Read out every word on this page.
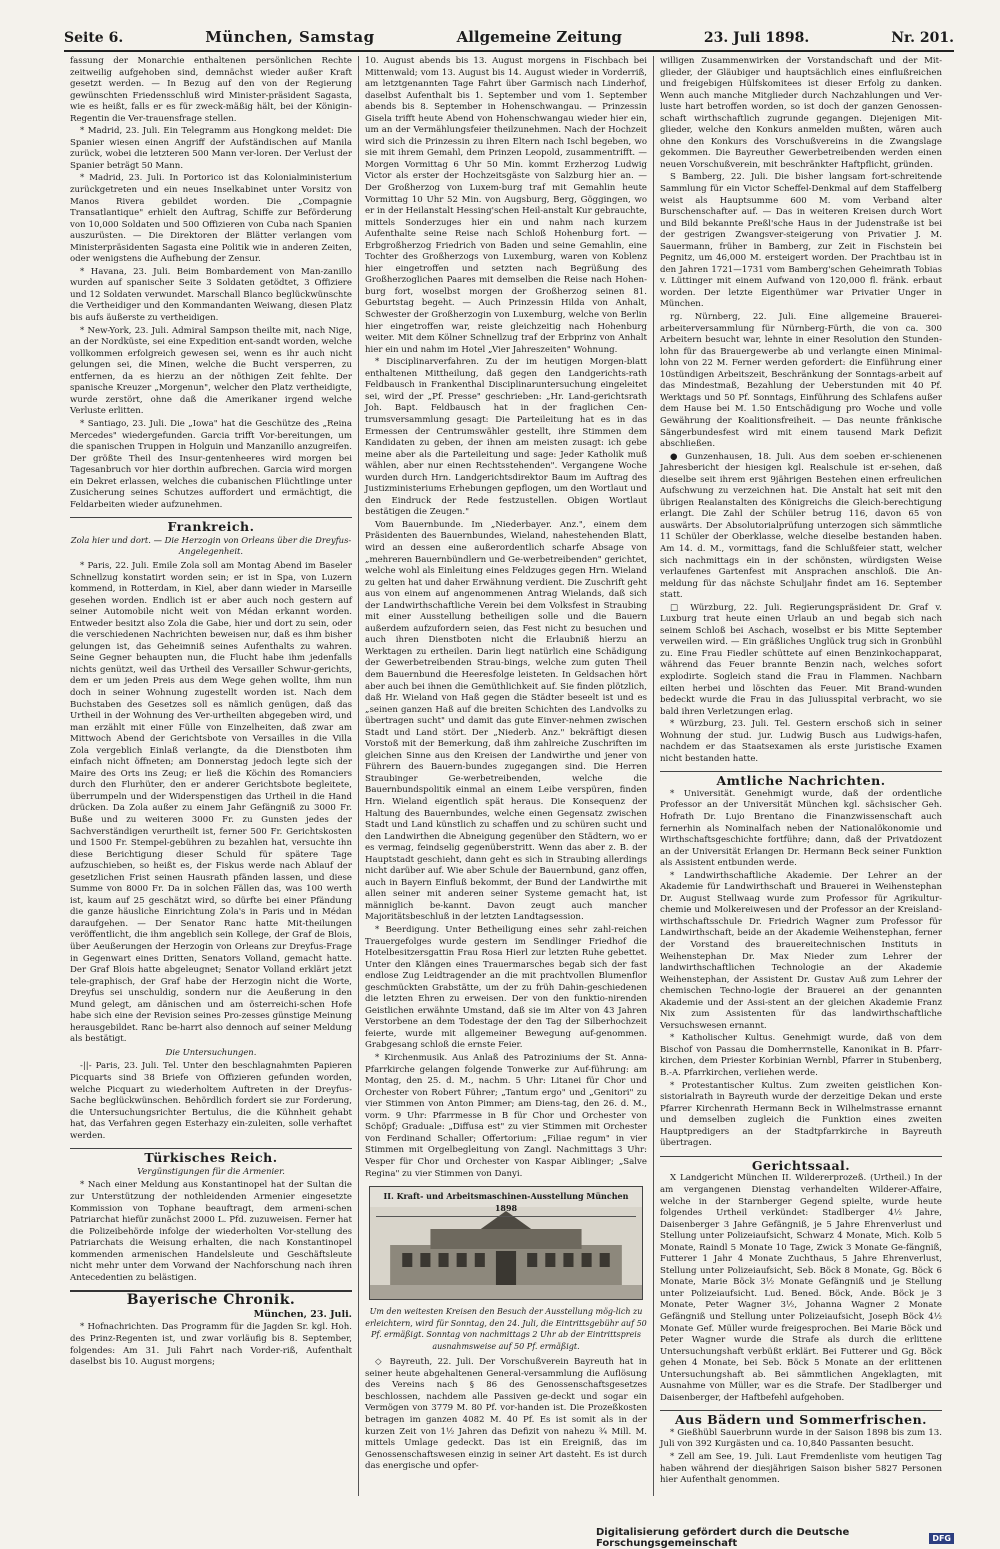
Seite 6.	München, Samstag	Allgemeine Zeitung	23. Juli 1898.	Nr. 201.

fassung der Monarchie enthaltenen persönlichen Rechte zeitweilig aufgehoben sind, demnächst wieder außer Kraft gesetzt werden. — In Bezug auf den von der Regierung gewünschten Friedensschluß wird Minister-präsident Sagasta, wie es heißt, falls er es für zweck-mäßig hält, bei der Königin-Regentin die Ver-trauensfrage stellen.

* Madrid, 23. Juli. Ein Telegramm aus Hongkong meldet: Die Spanier wiesen einen Angriff der Aufständischen auf Manila zurück, wobei die letzteren 500 Mann ver-loren. Der Verlust der Spanier beträgt 50 Mann.

* Madrid, 23. Juli. In Portorico ist das Kolonialministerium zurückgetreten und ein neues Inselkabinet unter Vorsitz von Manos Rivera gebildet worden. Die „Compagnie Transatlantique" erhielt den Auftrag, Schiffe zur Beförderung von 10,000 Soldaten und 500 Offizieren von Cuba nach Spanien auszurüsten. — Die Direktoren der Blätter verlangen vom Ministerpräsidenten Sagasta eine Politik wie in anderen Zeiten, oder wenigstens die Aufhebung der Zensur.

* Havana, 23. Juli. Beim Bombardement von Man-zanillo wurden auf spanischer Seite 3 Soldaten getödtet, 3 Offiziere und 12 Soldaten verwundet. Marschall Blanco beglückwünschte die Vertheidiger und den Kommandanten Weiwang, diesen Platz bis aufs äußerste zu vertheidigen.

* New-York, 23. Juli. Admiral Sampson theilte mit, nach Nige, an der Nordküste, sei eine Expedition ent-sandt worden, welche vollkommen erfolgreich gewesen sei, wenn es ihr auch nicht gelungen sei, die Minen, welche die Bucht versperren, zu entfernen, da es hierzu an der nöthigen Zeit fehlte. Der spanische Kreuzer „Morgenun", welcher den Platz vertheidigte, wurde zerstört, ohne daß die Amerikaner irgend welche Verluste erlitten.

* Santiago, 23. Juli. Die „Iowa" hat die Geschütze des „Reina Mercedes" wiedergefunden. Garcia trifft Vor-bereitungen, um die spanischen Truppen in Holguin und Manzanillo anzugreifen. Der größte Theil des Insur-gentenheeres wird morgen bei Tagesanbruch vor hier dorthin aufbrechen. Garcia wird morgen ein Dekret erlassen, welches die cubanischen Flüchtlinge unter Zusicherung seines Schutzes auffordert und ermächtigt, die Feldarbeiten wieder aufzunehmen.

Frankreich.
Zola hier und dort. — Die Herzogin von Orleans über die Dreyfus-Angelegenheit.

* Paris, 22. Juli. Emile Zola soll am Montag Abend im Baseler Schnellzug konstatirt worden sein; er ist in Spa, von Luzern kommend, in Rotterdam, in Kiel, aber dann wieder in Marseille gesehen worden. Endlich ist er aber auch noch gestern auf seiner Automobile nicht weit von Médan erkannt worden. Entweder besitzt also Zola die Gabe, hier und dort zu sein, oder die verschiedenen Nachrichten beweisen nur, daß es ihm bisher gelungen ist, das Geheimniß seines Aufenthalts zu wahren. Seine Gegner behaupten nun, die Flucht habe ihm jedenfalls nichts genützt, weil das Urtheil des Versailler Schwur-gerichts, dem er um jeden Preis aus dem Wege gehen wollte, ihm nun doch in seiner Wohnung zugestellt worden ist. Nach dem Buchstaben des Gesetzes soll es nämlich genügen, daß das Urtheil in der Wohnung des Ver-urtheilten abgegeben wird, und man erzählt mit einer Fülle von Einzelheiten, daß zwar am Mittwoch Abend der Gerichtsbote von Versailles in die Villa Zola vergeblich Einlaß verlangte, da die Dienstboten ihm einfach nicht öffneten; am Donnerstag jedoch legte sich der Maire des Orts ins Zeug; er ließ die Köchin des Romanciers durch den Flurhüter, den er anderer Gerichtsbote begleitete, überrumpeln und der Widerspenstigen das Urtheil in die Hand drücken. Da Zola außer zu einem Jahr Gefängniß zu 3000 Fr. Buße und zu weiteren 3000 Fr. zu Gunsten jedes der Sachverständigen verurtheilt ist, ferner 500 Fr. Gerichtskosten und 1500 Fr. Stempel-gebühren zu bezahlen hat, versuchte ihn diese Berichtigung dieser Schuld für spätere Tage aufzuschieben, so heißt es, der Fiskus werde nach Ablauf der gesetzlichen Frist seinen Hausrath pfänden lassen, und diese Summe von 8000 Fr. Da in solchen Fällen das, was 100 werth ist, kaum auf 25 geschätzt wird, so dürfte bei einer Pfändung die ganze häusliche Einrichtung Zola's in Paris und in Médan daraufgehen. — Der Senator Ranc hatte Mit-theilungen veröffentlicht, die ihm angeblich sein Kollege, der Graf de Blois, über Aeußerungen der Herzogin von Orleans zur Dreyfus-Frage in Gegenwart eines Dritten, Senators Volland, gemacht hatte. Der Graf Blois hatte abgeleugnet; Senator Volland erklärt jetzt tele-graphisch, der Graf habe der Herzogin nicht die Worte, Dreyfus sei unschuldig, sondern nur die Aeußerung in den Mund gelegt, am dänischen und am österreichi-schen Hofe habe sich eine der Revision seines Pro-zesses günstige Meinung herausgebildet. Ranc be-harrt also dennoch auf seiner Meldung als bestätigt.

Die Untersuchungen.

-||- Paris, 23. Juli. Tel. Unter den beschlagnahmten Papieren Picquarts sind 38 Briefe von Offizieren gefunden worden, welche Picquart zu wiederholtem Auftreten in der Dreyfus-Sache beglückwünschen. Behördlich fordert sie zur Forderung, die Untersuchungsrichter Bertulus, die die Kühnheit gehabt hat, das Verfahren gegen Esterhazy ein-zuleiten, solle verhaftet werden.

Türkisches Reich.
Vergünstigungen für die Armenier.

* Nach einer Meldung aus Konstantinopel hat der Sultan die zur Unterstützung der nothleidenden Armenier eingesetzte Kommission von Tophane beauftragt, dem armeni-schen Patriarchat hiefür zunächst 2000 L. Pfd. zuzuweisen. Ferner hat die Polizeibehörde infolge der wiederholten Vor-stellung des Patriarchats die Weisung erhalten, die nach Konstantinopel kommenden armenischen Handelsleute und Geschäftsleute nicht mehr unter dem Vorwand der Nachforschung nach ihren Antecedentien zu belästigen.

Bayerische Chronik.
München, 23. Juli.

* Hofnachrichten. Das Programm für die Jagden Sr. kgl. Hoh. des Prinz-Regenten ist, und zwar vorläufig bis 8. September, folgendes: Am 31. Juli Fahrt nach Vorder-riß, Aufenthalt daselbst bis 10. August morgens;

10. August abends bis 13. August morgens in Fischbach bei Mittenwald; vom 13. August bis 14. August wieder in Vorderriß, am letztgenannten Tage Fahrt über Garmisch nach Linderhof, daselbst Aufenthalt bis 1. September und vom 1. September abends bis 8. September in Hohenschwangau. — Prinzessin Gisela trifft heute Abend von Hohenschwangau wieder hier ein, um an der Vermählungsfeier theilzunehmen. Nach der Hochzeit wird sich die Prinzessin zu ihren Eltern nach Ischl begeben, wo sie mit ihrem Gemahl, dem Prinzen Leopold, zusammentrifft. — Morgen Vormittag 6 Uhr 50 Min. kommt Erzherzog Ludwig Victor als erster der Hochzeitsgäste von Salzburg hier an. — Der Großherzog von Luxem-burg traf mit Gemahlin heute Vormittag 10 Uhr 52 Min. von Augsburg, Berg, Göggingen, wo er in der Heilanstalt Hessing'schen Heil-anstalt Kur gebrauchte, mittels Sonderzuges hier ein und nahm nach kurzem Aufenthalte seine Reise nach Schloß Hohenburg fort. — Erbgroßherzog Friedrich von Baden und seine Gemahlin, eine Tochter des Großherzogs von Luxemburg, waren von Koblenz hier eingetroffen und setzten nach Begrüßung des Großherzoglichen Paares mit demselben die Reise nach Hohen-burg fort, woselbst morgen der Großherzog seinen 81. Geburtstag begeht. — Auch Prinzessin Hilda von Anhalt, Schwester der Großherzogin von Luxemburg, welche von Berlin hier eingetroffen war, reiste gleichzeitig nach Hohenburg weiter. Mit dem Kölner Schnellzug traf der Erbprinz von Anhalt hier ein und nahm im Hotel „Vier Jahreszeiten" Wohnung.

* Disciplinarverfahren. Zu der im heutigen Morgen-blatt enthaltenen Mittheilung, daß gegen den Landgerichts-rath Feldbausch in Frankenthal Disciplinaruntersuchung eingeleitet sei, wird der „Pf. Presse" geschrieben: „Hr. Land-gerichtsrath Joh. Bapt. Feldbausch hat in der fraglichen Cen-trumsversammlung gesagt: Die Parteileitung hat es in das Ermessen der Centrumswähler gestellt, ihre Stimmen dem Kandidaten zu geben, der ihnen am meisten zusagt: ich gebe meine aber als die Parteileitung und sage: Jeder Katholik muß wählen, aber nur einen Rechtsstehenden". Vergangene Woche wurden durch Hrn. Landgerichtsdirektor Baum im Auftrag des Justizministeriums Erhebungen gepflogen, um den Wortlaut und den Eindruck der Rede festzustellen. Obigen Wortlaut bestätigen die Zeugen."

Vom Bauernbunde. Im „Niederbayer. Anz.", einem dem Präsidenten des Bauernbundes, Wieland, nahestehenden Blatt, wird an dessen eine außerordentlich scharfe Absage von „mehreren Bauernbündlern und Ge-werbetreibenden" gerichtet, welche wohl als Einleitung eines Feldzuges gegen Hrn. Wieland zu gelten hat und daher Erwähnung verdient. Die Zuschrift geht aus von einem auf angenommenen Antrag Wielands, daß sich der Landwirthschaftliche Verein bei dem Volksfest in Straubing mit einer Ausstellung betheiligen solle und die Bauern außerdem aufzufordern seien, das Fest nicht zu besuchen und auch ihren Dienstboten nicht die Erlaubniß hierzu an Werktagen zu ertheilen. Darin liegt natürlich eine Schädigung der Gewerbetreibenden Strau-bings, welche zum guten Theil dem Bauernbund die Heeresfolge leisteten. In Geldsachen hört aber auch bei ihnen die Gemüthlichkeit auf. Sie finden plötzlich, daß Hr. Wieland von Haß gegen die Städter beseelt ist und es „seinen ganzen Haß auf die breiten Schichten des Landvolks zu übertragen sucht" und damit das gute Einver-nehmen zwischen Stadt und Land stört. Der „Niederb. Anz." bekräftigt diesen Vorstoß mit der Bemerkung, daß ihm zahlreiche Zuschriften im gleichen Sinne aus den Kreisen der Landwirthe und jener von Führern des Bauern-bundes zugegangen sind. Die Herren Straubinger Ge-werbetreibenden, welche die Bauernbundspolitik einmal an einem Leibe verspüren, finden Hrn. Wieland eigentlich spät heraus. Die Konsequenz der Haltung des Bauernbundes, welche einen Gegensatz zwischen Stadt und Land künstlich zu schaffen und zu schüren sucht und den Landwirthen die Abneigung gegenüber den Städtern, wo er es vermag, feindselig gegenüberstritt. Wenn das aber z. B. der Hauptstadt geschieht, dann geht es sich in Straubing allerdings nicht darüber auf. Wie aber Schule der Bauernbund, ganz offen, auch in Bayern Einfluß bekommt, der Bund der Landwirthe mit allen seiner mit anderen seiner Systeme gemacht hat, ist männiglich be-kannt. Davon zeugt auch mancher Majoritätsbeschluß in der letzten Landtagsession.

* Beerdigung. Unter Betheiligung eines sehr zahl-reichen Trauergefolges wurde gestern im Sendlinger Friedhof die Hotelbesitzersgattin Frau Rosa Hierl zur letzten Ruhe gebettet. Unter den Klängen eines Trauermarsches begab sich der fast endlose Zug Leidtragender an die mit prachtvollen Blumenflor geschmückten Grabstätte, um der zu früh Dahin-geschiedenen die letzten Ehren zu erweisen. Der von den funktio-nirenden Geistlichen erwähnte Umstand, daß sie im Alter von 43 Jahren Verstorbene an dem Todestage der den Tag der Silberhochzeit feierte, wurde mit allgemeiner Bewegung auf-genommen. Grabgesang schloß die ernste Feier.

* Kirchenmusik. Aus Anlaß des Patroziniums der St. Anna-Pfarrkirche gelangen folgende Tonwerke zur Auf-führung: am Montag, den 25. d. M., nachm. 5 Uhr: Litanei für Chor und Orchester von Robert Führer; „Tantum ergo" und „Genitori" zu vier Stimmen von Anton Pimmer; am Diens-tag, den 26. d. M., vorm. 9 Uhr: Pfarrmesse in B für Chor und Orchester von Schöpf; Graduale: „Diffusa est" zu vier Stimmen mit Orchester von Ferdinand Schaller; Offertorium: „Filiae regum" in vier Stimmen mit Orgelbegleitung von Zangl. Nachmittags 3 Uhr: Vesper für Chor und Orchester von Kaspar Aiblinger; „Salve Regina" zu vier Stimmen von Danyi.

II. Kraft- und Arbeitsmaschinen-Ausstellung München 1898
Um den weitesten Kreisen den Besuch der Ausstellung mög-lich zu erleichtern, wird für Sonntag, den 24. Juli, die Eintrittsgebühr auf 50 Pf. ermäßigt. Sonntag von nachmittags 2 Uhr ab der Eintrittspreis ausnahmsweise auf 50 Pf. ermäßigt.

◇ Bayreuth, 22. Juli. Der Vorschußverein Bayreuth hat in seiner heute abgehaltenen General-versammlung die Auflösung des Vereins nach § 86 des Genossenschaftsgesetzes beschlossen, nachdem alle Passiven ge-deckt und sogar ein Vermögen von 3779 M. 80 Pf. vor-handen ist. Die Prozeßkosten betragen im ganzen 4082 M. 40 Pf. Es ist somit als in der kurzen Zeit von 1½ Jahren das Defizit von nahezu ¾ Mill. M. mittels Umlage gedeckt. Das ist ein Ereigniß, das im Genossenschaftswesen einzig in seiner Art dasteht. Es ist durch das energische und opfer-

willigen Zusammenwirken der Vorstandschaft und der Mit-glieder, der Gläubiger und hauptsächlich eines einflußreichen und freigebigen Hülfskomitees ist dieser Erfolg zu danken. Wenn auch manche Mitglieder durch Nachzahlungen und Ver-luste hart betroffen worden, so ist doch der ganzen Genossen-schaft wirthschaftlich zugrunde gegangen. Diejenigen Mit-glieder, welche den Konkurs anmelden mußten, wären auch ohne den Konkurs des Vorschußvereins in die Zwangslage gekommen. Die Bayreuther Gewerbetreibenden werden einen neuen Vorschußverein, mit beschränkter Haftpflicht, gründen.

S Bamberg, 22. Juli. Die bisher langsam fort-schreitende Sammlung für ein Victor Scheffel-Denkmal auf dem Staffelberg weist als Hauptsumme 600 M. vom Verband alter Burschenschafter auf. — Das in weiteren Kreisen durch Wort und Bild bekannte Preßl'sche Haus in der Judenstraße ist bei der gestrigen Zwangsver-steigerung von Privatier J. M. Sauermann, früher in Bamberg, zur Zeit in Fischstein bei Pegnitz, um 46,000 M. ersteigert worden. Der Prachtbau ist in den Jahren 1721—1731 vom Bamberg'schen Geheimrath Tobias v. Lüttinger mit einem Aufwand von 120,000 fl. fränk. erbaut worden. Der letzte Eigenthümer war Privatier Unger in München.

rg. Nürnberg, 22. Juli. Eine allgemeine Brauerei-arbeiterversammlung für Nürnberg-Fürth, die von ca. 300 Arbeitern besucht war, lehnte in einer Resolution den Stunden-lohn für das Brauergewerbe ab und verlangte einen Minimal-lohn von 22 M. Ferner werden gefordert: die Einführung einer 10stündigen Arbeitszeit, Beschränkung der Sonntags-arbeit auf das Mindestmaß, Bezahlung der Ueberstunden mit 40 Pf. Werktags und 50 Pf. Sonntags, Einführung des Schlafens außer dem Hause bei M. 1.50 Entschädigung pro Woche und volle Gewährung der Koalitionsfreiheit. — Das neunte fränkische Sängerbundesfest wird mit einem tausend Mark Defizit abschließen.

● Gunzenhausen, 18. Juli. Aus dem soeben er-schienenen Jahresbericht der hiesigen kgl. Realschule ist er-sehen, daß dieselbe seit ihrem erst 9jährigen Bestehen einen erfreulichen Aufschwung zu verzeichnen hat. Die Anstalt hat seit mit den übrigen Realanstalten des Königreichs die Gleich-berechtigung erlangt. Die Zahl der Schüler betrug 116, davon 65 von auswärts. Der Absolutorialprüfung unterzogen sich sämmtliche 11 Schüler der Oberklasse, welche dieselbe bestanden haben. Am 14. d. M., vormittags, fand die Schlußfeier statt, welcher sich nachmittags ein in der schönsten, würdigsten Weise verlaufenes Gartenfest mit Ansprachen anschloß. Die An-meldung für das nächste Schuljahr findet am 16. September statt.

□ Würzburg, 22. Juli. Regierungspräsident Dr. Graf v. Luxburg trat heute einen Urlaub an und begab sich nach seinem Schloß bei Aschach, woselbst er bis Mitte September verweilen wird. — Ein gräßliches Unglück trug sich in Gronbühl zu. Eine Frau Fiedler schüttete auf einen Benzinkochapparat, während das Feuer brannte Benzin nach, welches sofort explodirte. Sogleich stand die Frau in Flammen. Nachbarn eilten herbei und löschten das Feuer. Mit Brand-wunden bedeckt wurde die Frau in das Juliusspital verbracht, wo sie bald ihren Verletzungen erlag.

* Würzburg, 23. Juli. Tel. Gestern erschoß sich in seiner Wohnung der stud. jur. Ludwig Busch aus Ludwigs-hafen, nachdem er das Staatsexamen als erste juristische Examen nicht bestanden hatte.

Amtliche Nachrichten.

* Universität. Genehmigt wurde, daß der ordentliche Professor an der Universität München kgl. sächsischer Geh. Hofrath Dr. Lujo Brentano die Finanzwissenschaft auch fernerhin als Nominalfach neben der Nationalökonomie und Wirthschaftsgeschichte fortführe; dann, daß der Privatdozent an der Universität Erlangen Dr. Hermann Beck seiner Funktion als Assistent entbunden werde.

* Landwirthschaftliche Akademie. Der Lehrer an der Akademie für Landwirthschaft und Brauerei in Weihenstephan Dr. August Stellwaag wurde zum Professor für Agrikultur-chemie und Molkereiwesen und der Professor an der Kreisland-wirthschaftsschule Dr. Friedrich Wagner zum Professor für Landwirthschaft, beide an der Akademie Weihenstephan, ferner der Vorstand des brauereitechnischen Instituts in Weihenstephan Dr. Max Nieder zum Lehrer der landwirthschaftlichen Technologie an der Akademie Weihenstephan, der Assistent Dr. Gustav Auß zum Lehrer der chemischen Techno-logie der Brauerei an der genannten Akademie und der Assi-stent an der gleichen Akademie Franz Nix zum Assistenten für das landwirthschaftliche Versuchswesen ernannt.

* Katholischer Kultus. Genehmigt wurde, daß von dem Bischof von Passau die Domherrnstelle, Kanonikat in B. Pfarr-kirchen, dem Priester Korbinian Wernbl, Pfarrer in Stubenberg, B.-A. Pfarrkirchen, verliehen werde.

* Protestantischer Kultus. Zum zweiten geistlichen Kon-sistorialrath in Bayreuth wurde der derzeitige Dekan und erste Pfarrer Kirchenrath Hermann Beck in Wilhelmstrasse ernannt und demselben zugleich die Funktion eines zweiten Hauptpredigers an der Stadtpfarrkirche in Bayreuth übertragen.

Gerichtssaal.

X Landgericht München II. Wildererprozeß. (Urtheil.) In der am vergangenen Dienstag verhandelten Wilderer-Affaire, welche in der Starnberger Gegend spielte, wurde heute folgendes Urtheil verkündet: Stadlberger 4½ Jahre, Daisenberger 3 Jahre Gefängniß, je 5 Jahre Ehrenverlust und Stellung unter Polizeiaufsicht, Schwarz 4 Monate, Mich. Kolb 5 Monate, Raindl 5 Monate 10 Tage, Zwick 3 Monate Ge-fängniß, Futterer 1 Jahr 4 Monate Zuchthaus, 5 Jahre Ehrenverlust, Stellung unter Polizeiaufsicht, Seb. Böck 8 Monate, Gg. Böck 6 Monate, Marie Böck 3½ Monate Gefängniß und je Stellung unter Polizeiaufsicht. Lud. Bened. Böck, Ande. Böck je 3 Monate, Peter Wagner 3½, Johanna Wagner 2 Monate Gefängniß und Stellung unter Polizeiaufsicht, Joseph Böck 4½ Monate Gef. Müller wurde freigesprochen. Bei Marie Böck und Peter Wagner wurde die Strafe als durch die erlittene Untersuchungshaft verbüßt erklärt. Bei Futterer und Gg. Böck gehen 4 Monate, bei Seb. Böck 5 Monate an der erlittenen Untersuchungshaft ab. Bei sämmtlichen Angeklagten, mit Ausnahme von Müller, war es die Strafe. Der Stadlberger und Daisenberger, der Haftbefehl aufgehoben.

Aus Bädern und Sommerfrischen.

* Gießhübl Sauerbrunn wurde in der Saison 1898 bis zum 13. Juli von 392 Kurgästen und ca. 10,840 Passanten besucht.

* Zell am See, 19. Juli. Laut Fremdenliste vom heutigen Tag haben während der diesjährigen Saison bisher 5827 Personen hier Aufenthalt genommen.

Digitalisierung gefördert durch die Deutsche Forschungsgemeinschaft	DFG
